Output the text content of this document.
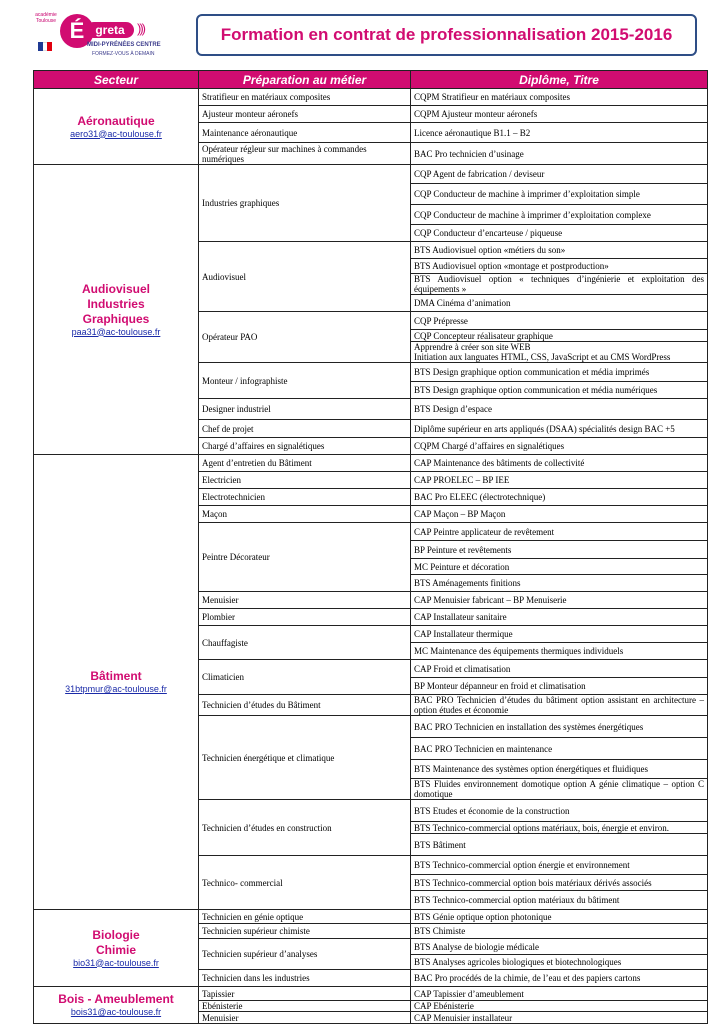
académie Toulouse É greta )))
MIDI-PYRÉNÉES CENTRE
FORMEZ-VOUS À DEMAIN
Formation en contrat de professionnalisation 2015-2016
Secteur	Préparation au métier	Diplôme, Titre

Aéronautique
aero31@ac-toulouse.fr	Stratifieur en matériaux composites	CQPM Stratifieur en matériaux composites
	Ajusteur monteur aéronefs	CQPM Ajusteur monteur aéronefs
	Maintenance aéronautique	Licence aéronautique B1.1 – B2
	Opérateur régleur sur machines à commandes numériques	BAC Pro technicien d’usinage

Audiovisuel
Industries
Graphiques
paa31@ac-toulouse.fr	Industries graphiques	CQP Agent de fabrication / deviseur
		CQP Conducteur de machine à imprimer d’exploitation simple
		CQP Conducteur de machine à imprimer d’exploitation complexe
		CQP Conducteur d’encarteuse / piqueuse
	Audiovisuel	BTS Audiovisuel option «métiers du son»
		BTS Audiovisuel option «montage et postproduction»
		BTS Audiovisuel option « techniques d’ingénierie et exploitation des équipements »
		DMA Cinéma d’animation
	Opérateur PAO	CQP Prépresse
		CQP Concepteur réalisateur graphique
		Apprendre à créer son site WEB
Initiation aux languates HTML, CSS, JavaScript et au CMS WordPress
	Monteur / infographiste	BTS Design graphique option communication et média imprimés
		BTS Design graphique option communication et média numériques
	Designer industriel	BTS Design d’espace
	Chef de projet	Diplôme supérieur en arts appliqués (DSAA) spécialités design BAC +5
	Chargé d’affaires en signalétiques	CQPM Chargé d’affaires en signalétiques

Bâtiment
31btpmur@ac-toulouse.fr	Agent d’entretien du Bâtiment	CAP Maintenance des bâtiments de collectivité
	Electricien	CAP PROELEC – BP IEE
	Electrotechnicien	BAC Pro ELEEC (électrotechnique)
	Maçon	CAP Maçon – BP Maçon
	Peintre Décorateur	CAP Peintre applicateur de revêtement
		BP Peinture et revêtements
		MC Peinture et décoration
		BTS Aménagements finitions
	Menuisier	CAP Menuisier fabricant – BP Menuiserie
	Plombier	CAP Installateur sanitaire
	Chauffagiste	CAP Installateur thermique
		MC Maintenance des équipements thermiques individuels
	Climaticien	CAP Froid et climatisation
		BP Monteur dépanneur en froid et climatisation
	Technicien d’études du Bâtiment	BAC PRO Technicien d’études du bâtiment option assistant en architecture – option études et économie
	Technicien énergétique et climatique	BAC PRO Technicien en installation des systèmes énergétiques
		BAC PRO Technicien en maintenance
		BTS Maintenance des systèmes option énergétiques et fluidiques
		BTS Fluides environnement domotique option A génie climatique – option C domotique
	Technicien d’études en construction	BTS Etudes et économie de la construction
		BTS Technico-commercial options matériaux, bois, énergie et environ.
		BTS Bâtiment
	Technico- commercial	BTS Technico-commercial option énergie et environnement
		BTS Technico-commercial option bois matériaux dérivés associés
		BTS Technico-commercial option matériaux du bâtiment

Biologie
Chimie
bio31@ac-toulouse.fr	Technicien en génie optique	BTS Génie optique option photonique
	Technicien supérieur chimiste	BTS Chimiste
	Technicien supérieur d’analyses	BTS Analyse de biologie médicale
		BTS Analyses agricoles biologiques et biotechnologiques
	Technicien dans les industries	BAC Pro procédés de la chimie, de l’eau et des papiers cartons

Bois - Ameublement
bois31@ac-toulouse.fr	Tapissier	CAP Tapissier d’ameublement
	Ebénisterie	CAP Ebénisterie
	Menuisier	CAP Menuisier installateur
